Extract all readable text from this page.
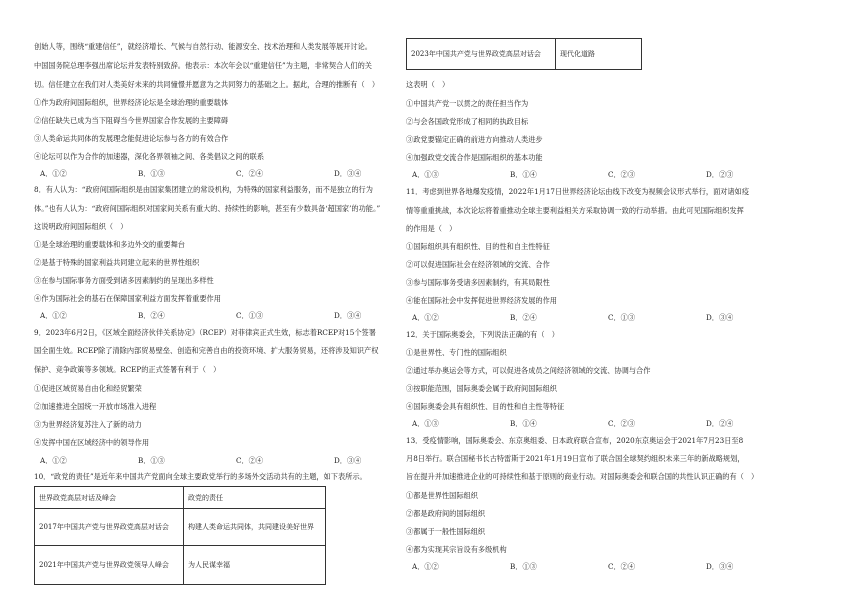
创始人等，围绕“重建信任”，就经济增长、气候与自然行动、能源安全、技术治理和人类发展等展开讨论。
中国国务院总理李强出席论坛并发表特别致辞。他表示：本次年会以“重建信任”为主题，非常契合人们的关
切。信任建立在我们对人类美好未来的共同憧憬并愿意为之共同努力的基础之上。据此，合理的推断有（　）
①作为政府间国际组织，世界经济论坛是全球治理的重要载体
②信任缺失已成为当下阻碍当今世界国家合作发展的主要障碍
③人类命运共同体的发展理念能促进论坛参与各方的有效合作
④论坛可以作为合作的加速器，深化各界领袖之间、各类倡议之间的联系
A．①②	B．①③	C．②④	D．③④
8．有人认为：“政府间国际组织是由国家集团建立的常设机构，为特殊的国家利益服务，而不是独立的行为
体。”也有人认为：“政府间国际组织对国家间关系有重大的、持续性的影响，甚至有少数具备‘超国家’的功能。”
这说明政府间国际组织（　）
①是全球治理的重要载体和多边外交的重要舞台
②是基于特殊的国家利益共同建立起来的世界性组织
③在参与国际事务方面受到诸多因素制约的呈现出多样性
④作为国际社会的基石在保障国家利益方面发挥着重要作用
A．①②	B．②④	C．①③	D．③④
9．2023年6月2日，《区域全面经济伙伴关系协定》（RCEP）对菲律宾正式生效，标志着RCEP对15个签署
国全面生效。RCEP除了清除内部贸易壁垒、创造和完善自由的投资环境、扩大服务贸易，还将涉及知识产权
保护、竞争政策等多领域。RCEP的正式签署有利于（　）
①促进区域贸易自由化和经贸繁荣
②加速推进全国统一开放市场准入进程
③为世界经济复苏注入了新的动力
④发挥中国在区域经济中的领导作用
A．①②	B．①③	C．②④	D．③④
10．“政党的责任”是近年来中国共产党面向全球主要政党举行的多场外交活动共有的主题，如下表所示。
世界政党高层对话及峰会	政党的责任
2017年中国共产党与世界政党高层对话会	构建人类命运共同体，共同建设美好世界
2021年中国共产党与世界政党领导人峰会	为人民谋幸福
2023年中国共产党与世界政党高层对话会	现代化道路
这表明（　）
①中国共产党一以贯之的责任担当作为
②与会各国政党形成了相同的执政目标
③政党要锚定正确的前进方向推动人类进步
④加强政党交流合作是国际组织的基本功能
A．①③	B．①④	C．②③	D．②③
11．考虑到世界各地爆发疫情，2022年1月17日世界经济论坛由线下改变为视频会议形式举行，面对诸如疫
情等重重挑战，本次论坛将着重推动全球主要利益相关方采取协调一致的行动举措。由此可见国际组织发挥
的作用是（　）
①国际组织具有组织性、目的性和自主性特征
②可以促进国际社会在经济领域的交流、合作
③参与国际事务受诸多因素制约，有其局限性
④能在国际社会中发挥促进世界经济发展的作用
A．①②	B．②④	C．①③	D．③④
12．关于国际奥委会，下列说法正确的有（　）
①是世界性、专门性的国际组织
②通过举办奥运会等方式，可以促进各成员之间经济领域的交流、协调与合作
③按职能范围，国际奥委会属于政府间国际组织
④国际奥委会具有组织性、目的性和自主性等特征
A．①③	B．①④	C．②③	D．②④
13．受疫情影响，国际奥委会、东京奥组委、日本政府联合宣布，2020东京奥运会于2021年7月23日至8
月8日举行。联合国秘书长古特雷斯于2021年1月19日宣布了联合国全球契约组织未来三年的新战略规划，
旨在提升并加速推进企业的可持续性和基于原则的商业行动。对国际奥委会和联合国的共性认识正确的有（　）
①都是世界性国际组织
②都是政府间的国际组织
③都属于一般性国际组织
④都为实现其宗旨设有多级机构
A．①②	B．①③	C．②④	D．③④
